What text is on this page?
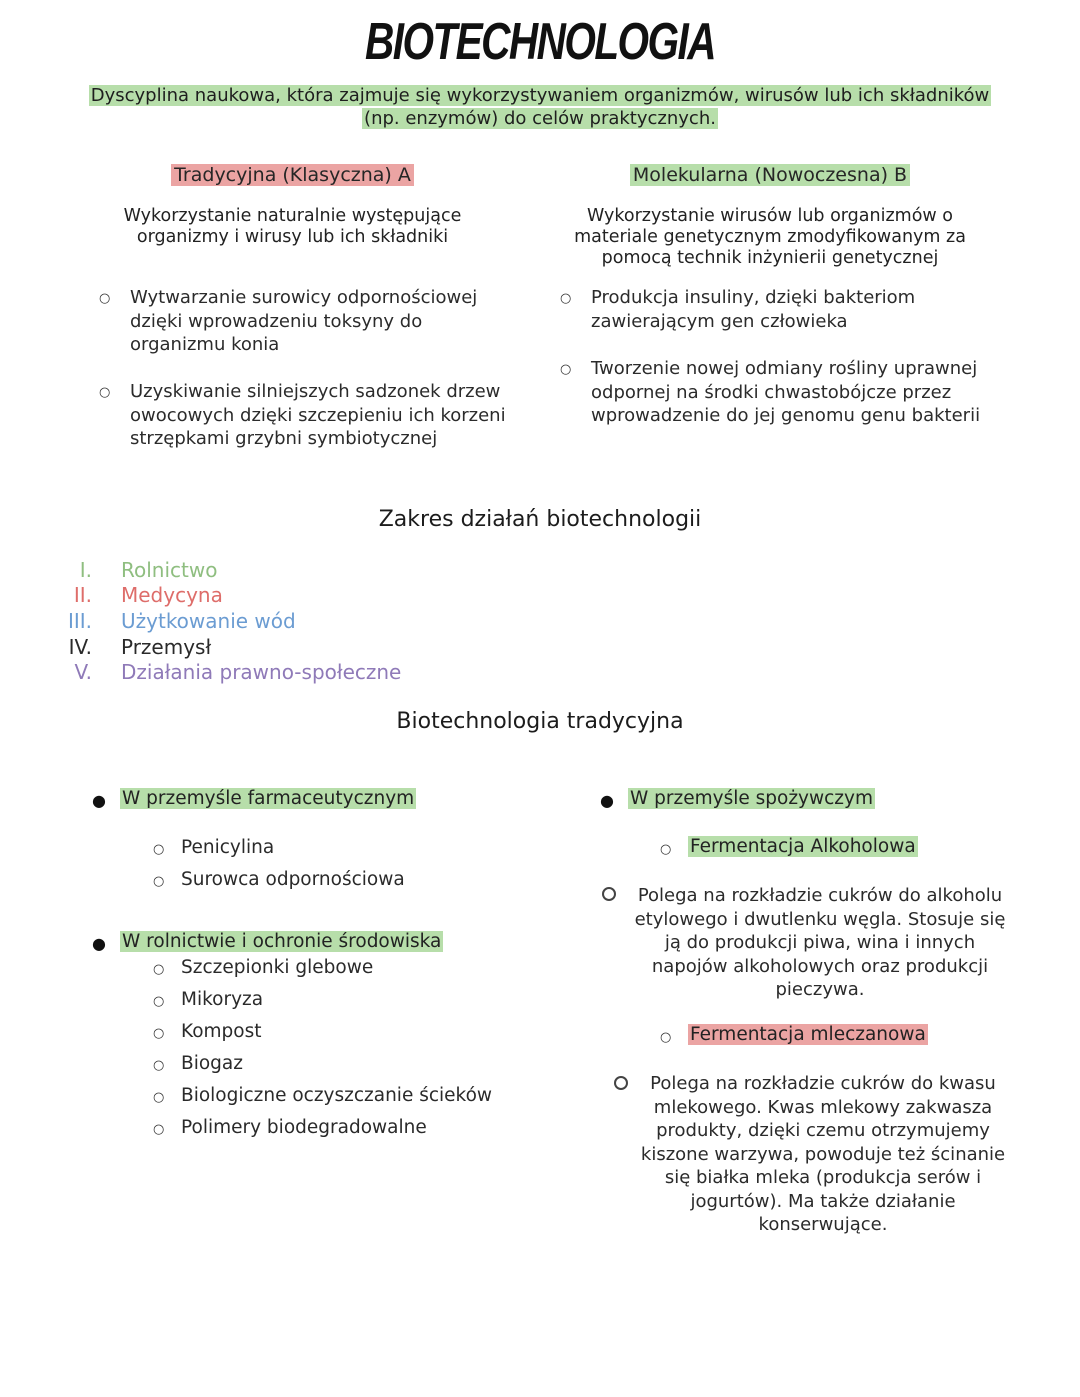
BIOTECHNOLOGIA
Dyscyplina naukowa, która zajmuje się wykorzystywaniem organizmów, wirusów lub ich składników (np. enzymów) do celów praktycznych.
Tradycyjna (Klasyczna) A
Wykorzystanie naturalnie występujące
organizmy i wirusy lub ich składniki
○ Wytwarzanie surowicy odpornościowej dzięki wprowadzeniu toksyny do organizmu konia
○ Uzyskiwanie silniejszych sadzonek drzew owocowych dzięki szczepieniu ich korzeni strzępkami grzybni symbiotycznej
Molekularna (Nowoczesna) B
Wykorzystanie wirusów lub organizmów o
materiale genetycznym zmodyfikowanym za
pomocą technik inżynierii genetycznej
○ Produkcja insuliny, dzięki bakteriom zawierającym gen człowieka
○ Tworzenie nowej odmiany rośliny uprawnej odpornej na środki chwastobójcze przez wprowadzenie do jej genomu genu bakterii
Zakres działań biotechnologii
I. Rolnictwo
II. Medycyna
III. Użytkowanie wód
IV. Przemysł
V. Działania prawno-społeczne
Biotechnologia tradycyjna
● W przemyśle farmaceutycznym
○ Penicylina
○ Surowca odpornościowa
● W rolnictwie i ochronie środowiska
○ Szczepionki glebowe
○ Mikoryza
○ Kompost
○ Biogaz
○ Biologiczne oczyszczanie ścieków
○ Polimery biodegradowalne
● W przemyśle spożywczym
○ Fermentacja Alkoholowa
Polega na rozkładzie cukrów do alkoholu
etylowego i dwutlenku węgla. Stosuje się
ją do produkcji piwa, wina i innych
napojów alkoholowych oraz produkcji
pieczywa.
○ Fermentacja mleczanowa
Polega na rozkładzie cukrów do kwasu
mlekowego. Kwas mlekowy zakwasza
produkty, dzięki czemu otrzymujemy
kiszone warzywa, powoduje też ścinanie
się białka mleka (produkcja serów i
jogurtów). Ma także działanie
konserwujące.
